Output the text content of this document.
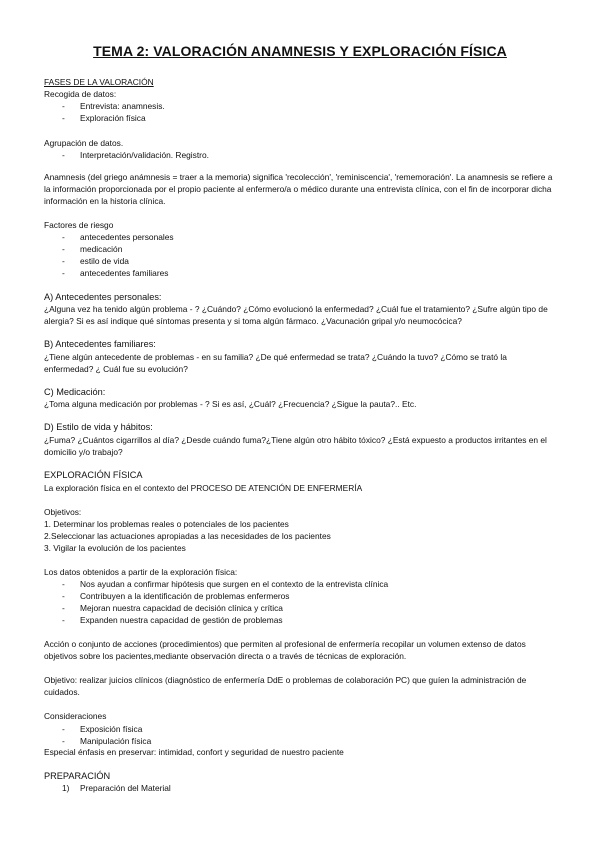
TEMA 2: VALORACIÓN ANAMNESIS Y EXPLORACIÓN FÍSICA
FASES DE LA VALORACIÓN
Recogida de datos:
- Entrevista: anamnesis.
- Exploración física
Agrupación de datos.
- Interpretación/validación. Registro.
Anamnesis (del griego anámnesis = traer a la memoria) significa 'recolección', 'reminiscencia', 'rememoración'. La anamnesis se refiere a la información proporcionada por el propio paciente al enfermero/a o médico durante una entrevista clínica, con el fin de incorporar dicha información en la historia clínica.
Factores de riesgo
- antecedentes personales
- medicación
- estilo de vida
- antecedentes familiares
A) Antecedentes personales:
¿Alguna vez ha tenido algún problema - ? ¿Cuándo? ¿Cómo evolucionó la enfermedad? ¿Cuál fue el tratamiento? ¿Sufre algún tipo de alergia? Si es así indique qué síntomas presenta y si toma algún fármaco. ¿Vacunación gripal y/o neumocócica?
B) Antecedentes familiares:
¿Tiene algún antecedente de problemas - en su familia? ¿De qué enfermedad se trata? ¿Cuándo la tuvo? ¿Cómo se trató la enfermedad? ¿ Cuál fue su evolución?
C) Medicación:
¿Toma alguna medicación por problemas - ? Si es así, ¿Cuál? ¿Frecuencia? ¿Sigue la pauta?.. Etc.
D) Estilo de vida y hábitos:
¿Fuma? ¿Cuántos cigarrillos al día? ¿Desde cuándo fuma?¿Tiene algún otro hábito tóxico? ¿Está expuesto a productos irritantes en el domicilio y/o trabajo?
EXPLORACIÓN FÍSICA
La exploración física en el contexto del PROCESO DE ATENCIÓN DE ENFERMERÍA
Objetivos:
1. Determinar los problemas reales o potenciales de los pacientes
2.Seleccionar las actuaciones apropiadas a las necesidades de los pacientes
3. Vigilar la evolución de los pacientes
Los datos obtenidos a partir de la exploración física:
- Nos ayudan a confirmar hipótesis que surgen en el contexto de la entrevista clínica
- Contribuyen a la identificación de problemas enfermeros
- Mejoran nuestra capacidad de decisión clínica y crítica
- Expanden nuestra capacidad de gestión de problemas
Acción o conjunto de acciones (procedimientos) que permiten al profesional de enfermería recopilar un volumen extenso de datos objetivos sobre los pacientes,mediante observación directa o a través de técnicas de exploración.
Objetivo: realizar juicios clínicos (diagnóstico de enfermería DdE o problemas de colaboración PC) que guíen la administración de cuidados.
Consideraciones
- Exposición física
- Manipulación física
Especial énfasis en preservar: intimidad, confort y seguridad de nuestro paciente
PREPARACIÓN
1) Preparación del Material
